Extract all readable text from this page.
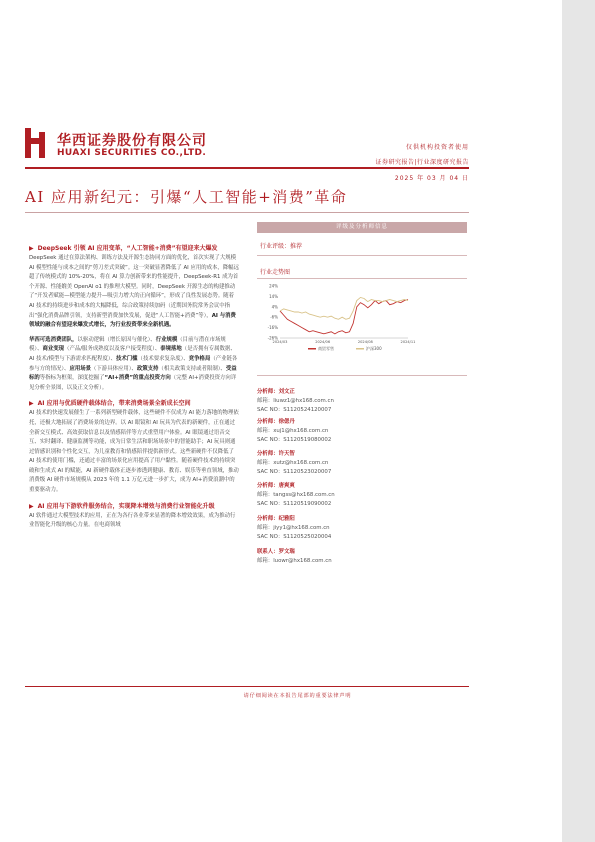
华西证券股份有限公司
HUAXI SECURITIES CO.,LTD.
仅供机构投资者使用
证券研究报告|行业深度研究报告
2025 年 03 月 04 日
AI 应用新纪元：引爆“人工智能+消费”革命

▶ DeepSeek 引领 AI 应用变革，“人工智能+消费”有望迎来大爆发

DeepSeek 通过在算法架构、训练方法及开源生态协同方面的优化，首次实现了大规模 AI 模型性能与成本之间的“剪刀差式突破”。这一突破显著降低了 AI 应用的成本，降幅远超了传统模式的 10%-20%，将在 AI 算力创新带来的性能提升，DeepSeek-R1 成为首个开源、性能媲美 OpenAI o1 的推理大模型。同时，DeepSeek 开源生态的构建推动了“开发者赋能—模型能力提升—吸引力增大的正向循环”，形成了良性发展态势。随着 AI 技术的持续进步和成本的大幅降低，综合政策持续加码（近期国务院常务会议中指出“强化消费品牌引领，支持新型消费加快发展，促进“人工智能+消费”等），AI 与消费领域的融合有望迎来爆发式增长，为行业投资带来全新机遇。

华西可选消费团队，以驱动逻辑（增长原因与催化）、行业规模（目前与潜在市场规模）、商业变现（产品/服务成熟度以及客户接受程度）、泰境落地（是否拥有专属数据、AI 技术/模型与下游需求匹配程度）、技术门槛（技术要求复杂度）、竞争格局（产业链各参与方的情况）、应用场景（下游具体应用）、政策支持（相关政策支持或者限制）、受益标的等指标为框架，深度挖掘了“AI+消费”的重点投资方向（完整 AI+消费投资方向详见分析全景图，以及正文分析）。

▶ AI 应用与优质硬件载体结合，带来消费场景全新成长空间

AI 技术的快速发展催生了一系列新型硬件载体，这些硬件不仅成为 AI 能力落地的物理依托，还极大地拓展了消费场景的边界。以 AI 眼镜和 AI 玩具为代表的新硬件，正在通过全新交互模式、高效获取信息以及情感陪伴等方式重塑用户体验。AI 眼镜通过语音交互、实时翻译、健康监测等功能，成为日常生活和职场场景中的智能助手；AI 玩具则通过情感识别和个性化交互，为儿童教育和情感陪伴提供新形式。这些新硬件不仅降低了 AI 技术的使用门槛，还通过丰富的场景化应用提高了用户黏性。随着硬件技术的持续突破和生成式 AI 的赋能，AI 新硬件载体正逐步渗透到健康、教育、娱乐等垂直领域，推动消费级 AI 硬件市场规模从 2023 年的 1.1 万亿元进一步扩大，成为 AI+消费浪潮中的重要驱动力。

▶ AI 应用与下游软件服务结合，实现降本增效与消费行业智能化升级

AI 软件通过大模型技术的应用，正在为各行各业带来显著的降本增效效果，成为推动行业智能化升级的核心力量。在电商领域

评级及分析师信息
行业评级：推荐
行业走势图
24%
14%
4%
-6%
-16%
-26%
2024/03	2024/06	2024/08	2024/11
商贸零售	沪深300
分析师：刘文正
邮箱：liuwz1@hx168.com.cn
SAC NO：S1120524120007
分析师：徐偲丹
邮箱：xuj1@hx168.com.cn
SAC NO：S1120519080002
分析师：许天智
邮箱：xutz@hx168.com.cn
SAC NO：S1120523020007
分析师：唐爽爽
邮箱：tangss@hx168.com.cn
SAC NO：S1120519090002
分析师：纪雅阳
邮箱：jiyy1@hx168.com.cn
SAC NO：S1120525020004
联系人：罗文瑞
邮箱：luowr@hx168.com.cn
请仔细阅读在本报告尾部的重要法律声明
